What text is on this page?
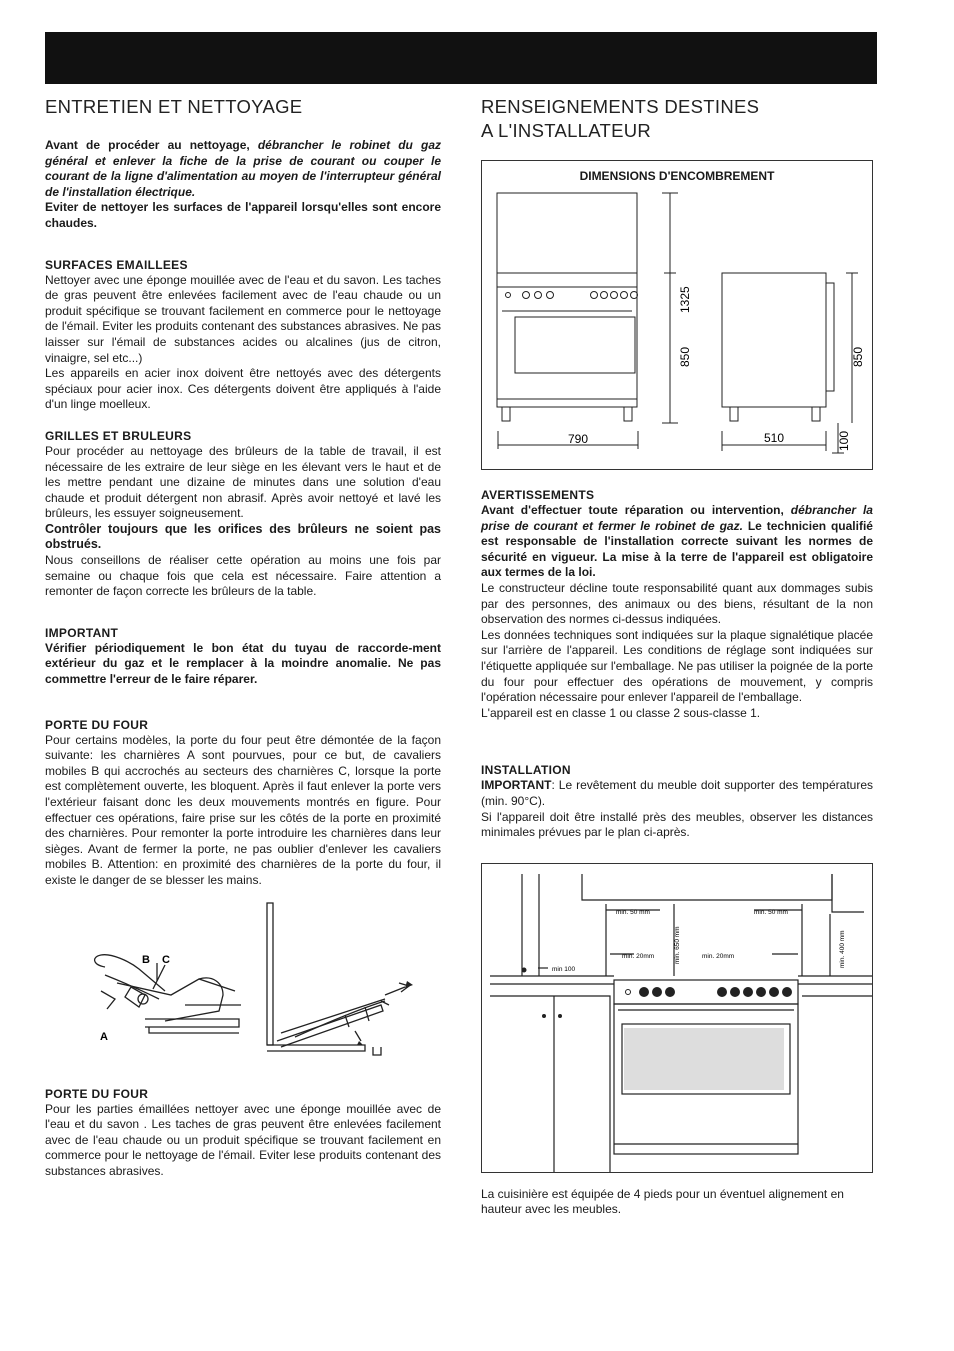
ENTRETIEN ET NETTOYAGE

Avant de procéder au nettoyage, débrancher le robinet du gaz général et enlever la fiche de la prise de courant ou couper le courant de la ligne d'alimentation au moyen de l'interrupteur général de l'installation électrique.
Eviter de nettoyer les surfaces de l'appareil lorsqu'elles sont encore chaudes.

SURFACES EMAILLEES

Nettoyer avec une éponge mouillée avec de l'eau et du savon. Les taches de gras peuvent être enlevées facilement avec de l'eau chaude ou un produit spécifique se trouvant facilement en commerce pour le nettoyage de l'émail. Eviter les produits contenant des substances abrasives. Ne pas laisser sur l'émail de substances acides ou alcalines (jus de citron, vinaigre, sel etc...)

Les appareils en acier inox doivent être nettoyés avec des détergents spéciaux pour acier inox. Ces détergents doivent être appliqués à l'aide d'un linge moelleux.

GRILLES ET BRULEURS

Pour procéder au nettoyage des brûleurs de la table de travail, il est nécessaire de les extraire de leur siège en les élevant vers le haut et de les mettre pendant une dizaine de minutes dans une solution d'eau chaude et produit détergent non abrasif. Après avoir nettoyé et lavé les brûleurs, les essuyer soigneusement.

Contrôler toujours que les orifices des brûleurs ne soient pas obstrués.

Nous conseillons de réaliser cette opération au moins une fois par semaine ou chaque fois que cela est nécessaire. Faire attention a remonter de façon correcte les brûleurs de la table.

IMPORTANT

Vérifier périodiquement le bon état du tuyau de raccorde-ment extérieur du gaz et le remplacer à la moindre anomalie. Ne pas commettre l'erreur de le faire réparer.

PORTE DU FOUR

Pour certains modèles, la porte du four peut être démontée de la façon suivante: les charnières A sont pourvues, pour ce but, de cavaliers mobiles B qui accrochés au secteurs des charnières C, lorsque la porte est complètement ouverte, les bloquent. Après il faut enlever la porte vers l'extérieur faisant donc les deux mouvements montrés en figure. Pour effectuer ces opérations, faire prise sur les côtés de la porte en proximité des charnières. Pour remonter la porte introduire les charnières dans leur sièges. Avant de fermer la porte, ne pas oublier d'enlever les cavaliers mobiles B. Attention: en proximité des charnières de la porte du four, il existe le danger de se blesser les mains.

B C
A
PORTE DU FOUR

Pour les parties émaillées nettoyer avec une éponge mouillée avec de l'eau et du savon . Les taches de gras peuvent être enlevées facilement avec de l'eau chaude ou un produit spécifique se trouvant facilement en commerce pour le nettoyage de l'émail. Eviter lese produits contenant des substances abrasives.

RENSEIGNEMENTS DESTINES
A L'INSTALLATEUR
DIMENSIONS D'ENCOMBREMENT
1325
850	850
790	510	100
AVERTISSEMENTS

Avant d'effectuer toute réparation ou intervention, débrancher la prise de courant et fermer le robinet de gaz. Le technicien qualifié est responsable de l'installation correcte suivant les normes de sécurité en vigueur. La mise à la terre de l'appareil est obligatoire aux termes de la loi.

Le constructeur décline toute responsabilité quant aux dommages subis par des personnes, des animaux ou des biens, résultant de la non observation des normes ci-dessus indiquées.

Les données techniques sont indiquées sur la plaque signalétique placée sur l'arrière de l'appareil. Les conditions de réglage sont indiquées sur l'étiquette appliquée sur l'emballage. Ne pas utiliser la poignée de la porte du four pour effectuer des opérations de mouvement, y compris l'opération nécessaire pour enlever l'appareil de l'emballage.

L'appareil est en classe 1 ou classe 2 sous-classe 1.

INSTALLATION

IMPORTANT: Le revêtement du meuble doit supporter des températures (min. 90°C).

Si l'appareil doit être installé près des meubles, observer les distances minimales prévues par le plan ci-après.

min. 50 mm	min. 50 mm
min. 650 mm	min. 400 mm
min. 20mm	min. 20mm
min 100

La cuisinière est équipée de 4 pieds pour un éventuel alignement en hauteur avec les meubles.
